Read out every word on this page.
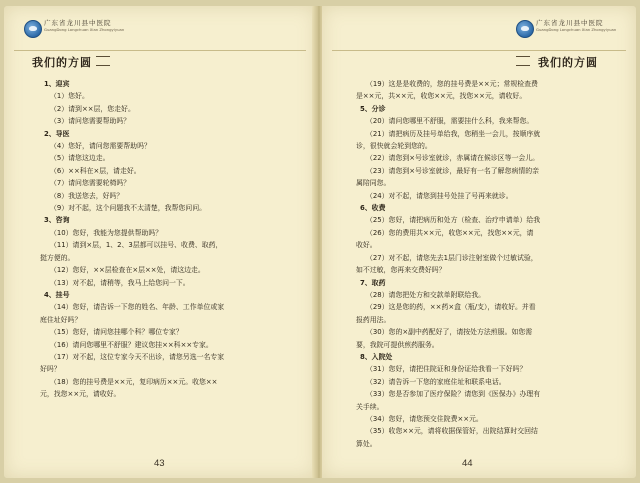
广东省龙川县中医院
GuangDong Longchuan Xian Zhongyiyuan
我们的方圆
1、迎宾
（1）您好。
（2）请到××层，您走好。
（3）请问您需要帮助吗？
2、导医
（4）您好，请问您需要帮助吗？
（5）请您这边走。
（6）××科在×层，请走好。
（7）请问您需要轮椅吗？
（8）我送您去，好吗？
（9）对不起，这个问题我不太清楚，我帮您问问。
3、咨询
（10）您好，我能为您提供帮助吗？
（11）请到×层，1、2、3层都可以挂号、收费、取药，
挺方便的。
（12）您好，××层检查在×层××处，请这边走。
（13）对不起，请稍等，我马上给您问一下。
4、挂号
（14）您好，请告诉一下您的姓名、年龄、工作单位或家
庭住址好吗？
（15）您好，请问您挂哪个科？哪位专家？
（16）请问您哪里不舒服？建议您挂××科××专家。
（17）对不起，这位专家今天不出诊，请您另选一名专家
好吗？
（18）您的挂号费是××元，复印病历××元。收您××
元，找您××元，请收好。
43
广东省龙川县中医院
GuangDong Longchuan Xian Zhongyiyuan
我们的方圆
（19）这是是收费的，您的挂号费是××元；常规检查费
是××元，共××元，收您××元，找您××元，请收好。
5、分诊
（20）请问您哪里不舒服，需要挂什么科，我来帮您。
（21）请把病历及挂号单给我，您稍坐一会儿，按顺序就
诊，很快就会轮到您的。
（22）请您到×号诊室就诊，赤属请在候诊区等一会儿。
（23）请您到×号诊室就诊，最好有一名了解您病情的亲
属陪同您。
（24）对不起，请您到挂号处挂了号再来就诊。
6、收费
（25）您好，请把病历和处方（检查、治疗申请单）给我
（26）您的费用共××元，收您××元，找您××元，请
收好。
（27）对不起，请您先去1层门诊注射室做个过敏试验，
如不过敏，您再来交费好吗？
7、取药
（28）请您把处方和交款单附联给我。
（29）这是您的药，××药×盒（瓶/支），请收好。并看
报药用法。
（30）您的×副中药配好了，请按处方法煎服。如您需
要，我院可提供煎药服务。
8、入院处
（31）您好，请把住院证和身份证给我看一下好吗？
（32）请告诉一下您的家庭住址和联系电话。
（33）您是否参加了医疗保险？请您到《医保办》办理有
关手续。
（34）您好，请您预交住院费××元。
（35）收您××元，请将收据保管好，出院结算时交回结
算处。
44
